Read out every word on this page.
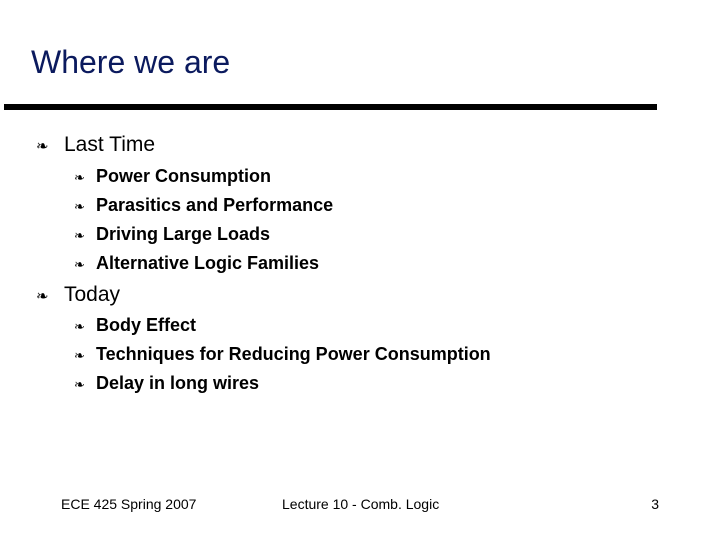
Where we are
❧ Last Time
❧ Power Consumption
❧ Parasitics and Performance
❧ Driving Large Loads
❧ Alternative Logic Families
❧ Today
❧ Body Effect
❧ Techniques for Reducing Power Consumption
❧ Delay in long wires
ECE 425 Spring 2007	Lecture 10 - Comb. Logic	3
